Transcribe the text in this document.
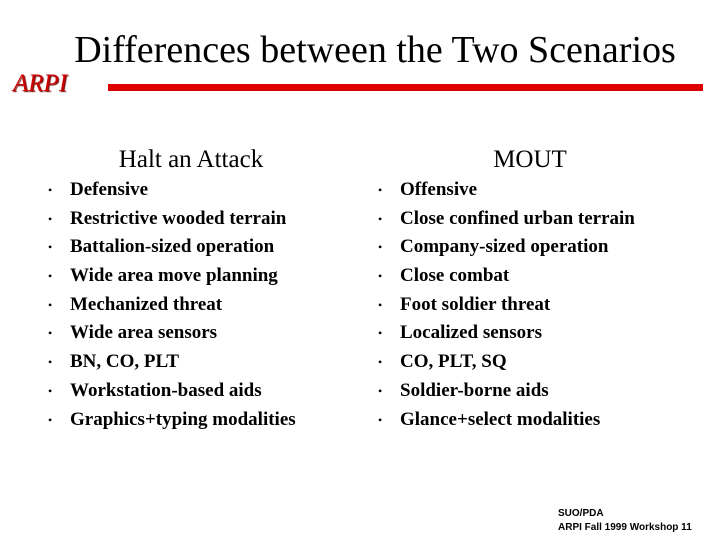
Differences between the Two Scenarios
ARPI
Halt an Attack	MOUT
• Defensive
• Restrictive wooded terrain
• Battalion-sized operation
• Wide area move planning
• Mechanized threat
• Wide area sensors
• BN, CO, PLT
• Workstation-based aids
• Graphics+typing modalities
• Offensive
• Close confined urban terrain
• Company-sized operation
• Close combat
• Foot soldier threat
• Localized sensors
• CO, PLT, SQ
• Soldier-borne aids
• Glance+select modalities
SUO/PDA
ARPI Fall 1999 Workshop 11
